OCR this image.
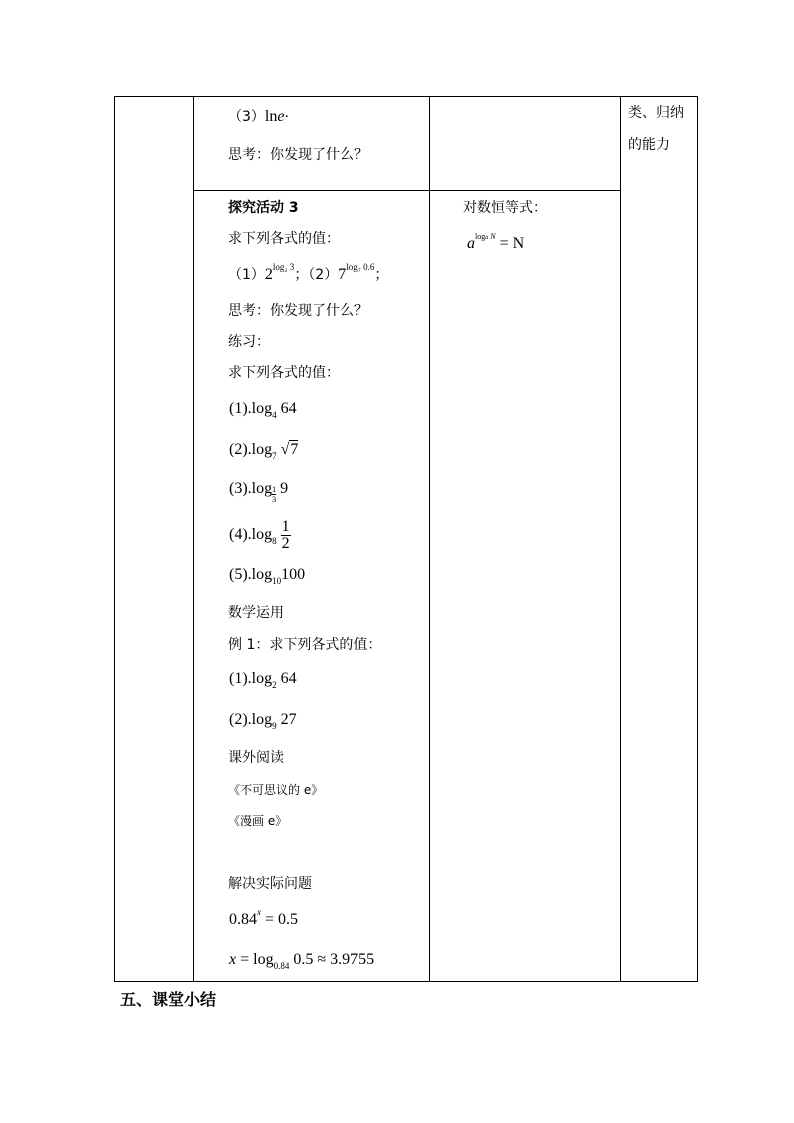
类、归纳
的能力
（3）lne·
思考：你发现了什么？
探究活动 3
求下列各式的值：
$(1)2^{log_2 3}$；$(2)7^{log_7 0.6}$；
思考：你发现了什么？
练习：
求下列各式的值：
$(1).\log_4$ 64
$(2).\log_7$ √7
$(3).\log \frac{1}{3} 9$
$(4).\log_8 \frac{1}{2}$
$(5).\log_{10}100$
数学运用
例 1：求下列各式的值：
$(1).\log_2$ 64
$(2).\log_9$ 27
课外阅读
《不可思议的 e》
《漫画 e》
解决实际问题
$0.84^x = 0.5$
$x = \log_{0.84} 0.5 \approx 3.9755$
对数恒等式：
$a^{loga N} = N$
五、课堂小结
